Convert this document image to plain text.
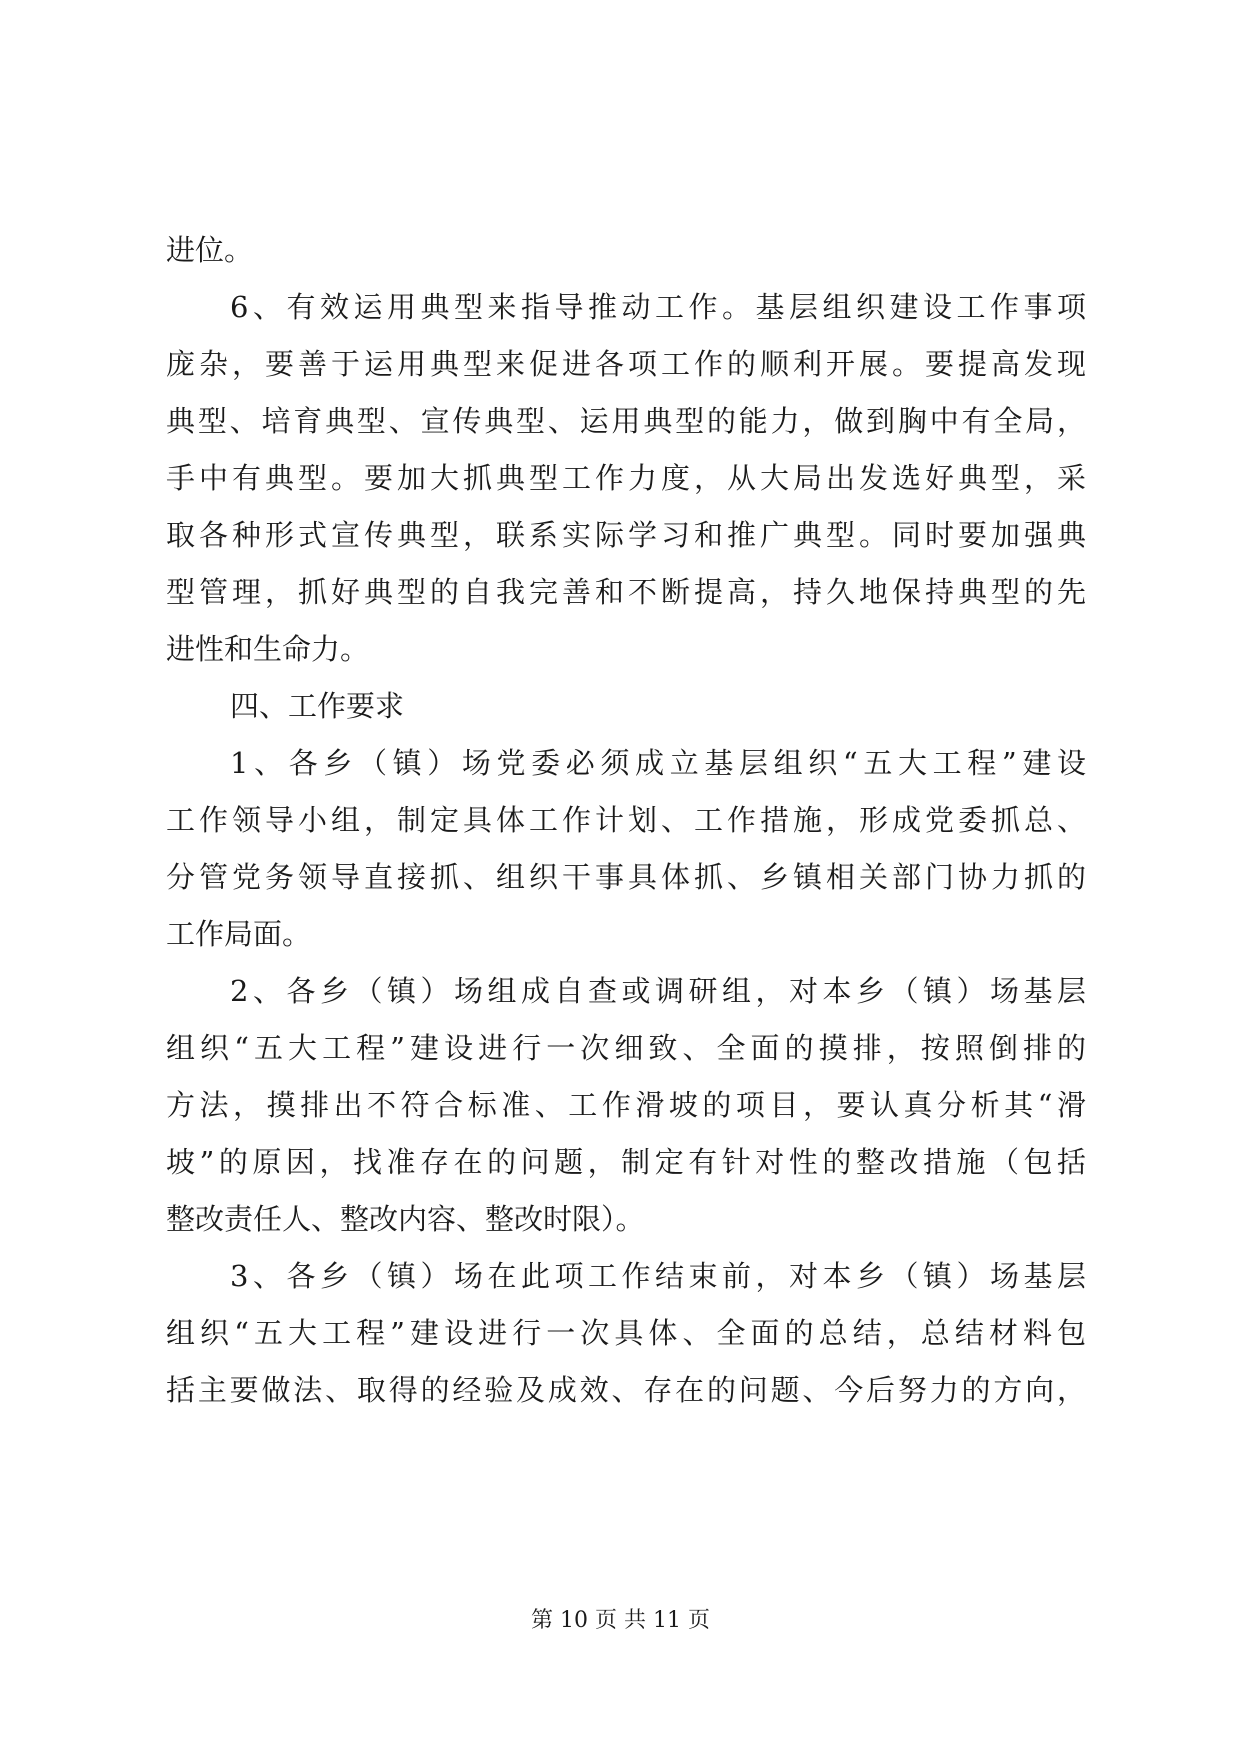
进位。
6、有效运用典型来指导推动工作。基层组织建设工作事项
庞杂，要善于运用典型来促进各项工作的顺利开展。要提高发现
典型、培育典型、宣传典型、运用典型的能力，做到胸中有全局，
手中有典型。要加大抓典型工作力度，从大局出发选好典型，采
取各种形式宣传典型，联系实际学习和推广典型。同时要加强典
型管理，抓好典型的自我完善和不断提高，持久地保持典型的先
进性和生命力。
四、工作要求
1、各乡（镇）场党委必须成立基层组织“五大工程”建设
工作领导小组，制定具体工作计划、工作措施，形成党委抓总、
分管党务领导直接抓、组织干事具体抓、乡镇相关部门协力抓的
工作局面。
2、各乡（镇）场组成自查或调研组，对本乡（镇）场基层
组织“五大工程”建设进行一次细致、全面的摸排，按照倒排的
方法，摸排出不符合标准、工作滑坡的项目，要认真分析其“滑
坡”的原因，找准存在的问题，制定有针对性的整改措施（包括
整改责任人、整改内容、整改时限）。
3、各乡（镇）场在此项工作结束前，对本乡（镇）场基层
组织“五大工程”建设进行一次具体、全面的总结，总结材料包
括主要做法、取得的经验及成效、存在的问题、今后努力的方向，
第 10 页 共 11 页
